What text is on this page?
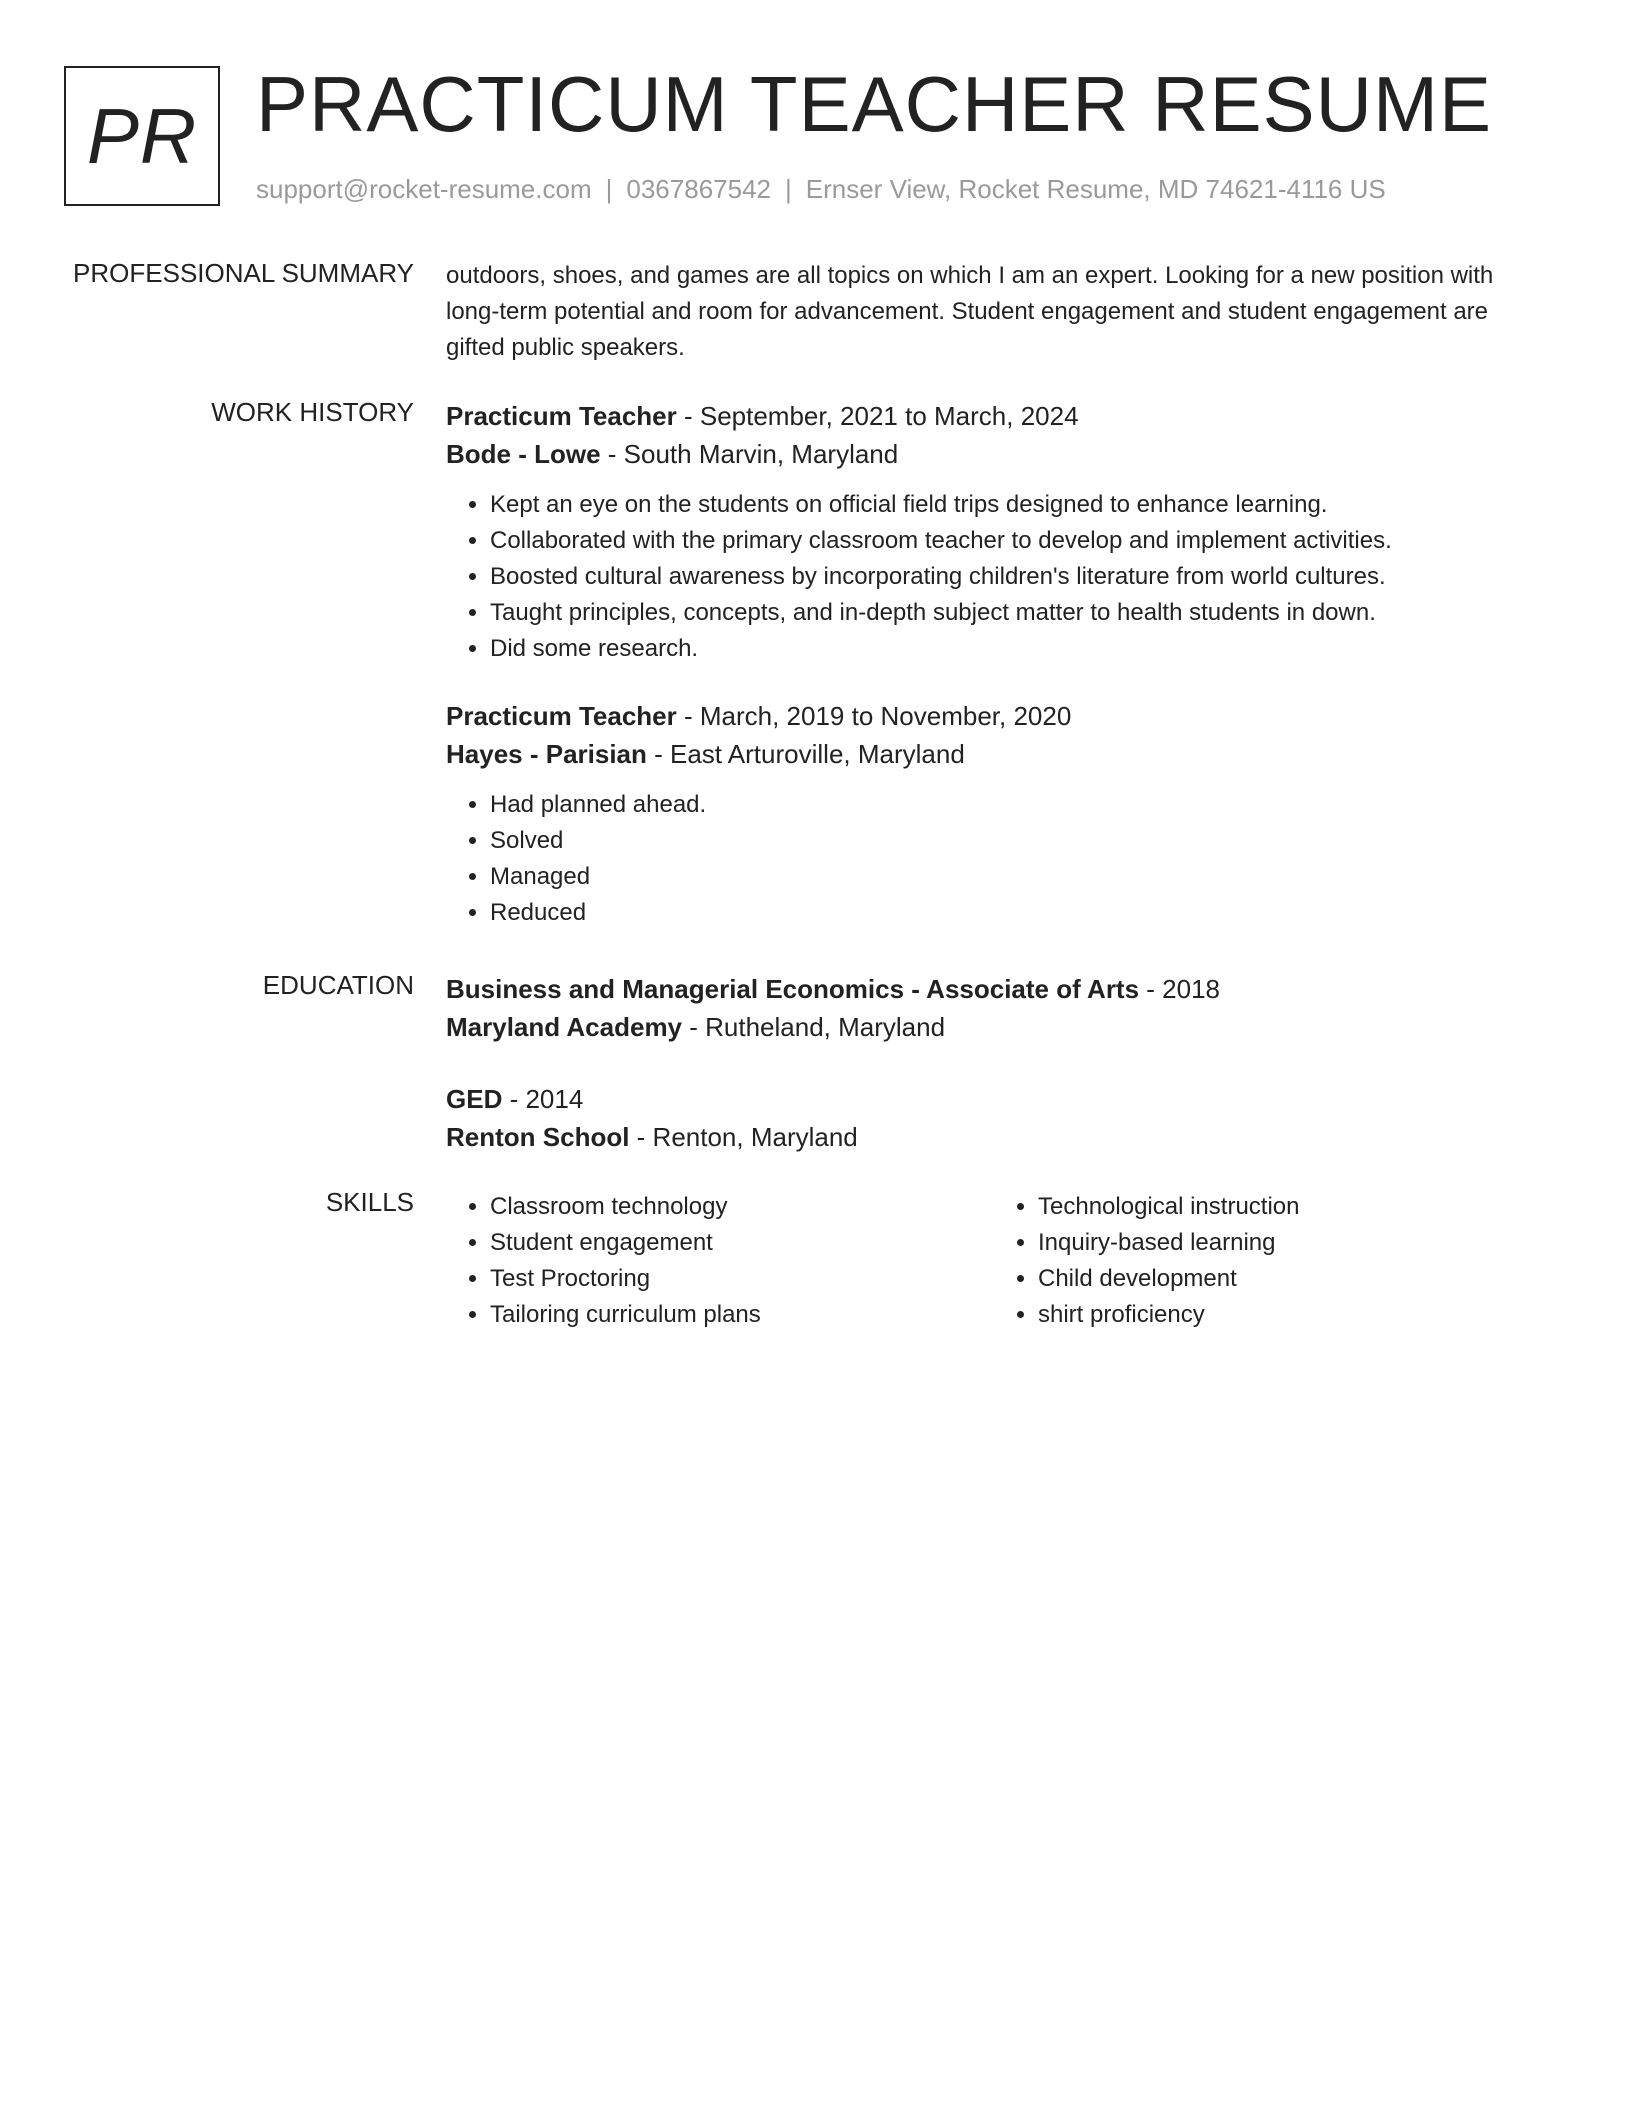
PR PRACTICUM TEACHER RESUME
support@rocket-resume.com | 0367867542 | Ernser View, Rocket Resume, MD 74621-4116 US
PROFESSIONAL SUMMARY outdoors, shoes, and games are all topics on which I am an expert. Looking for a new position with long-term potential and room for advancement. Student engagement and student engagement are gifted public speakers.

WORK HISTORY Practicum Teacher - September, 2021 to March, 2024

Bode - Lowe - South Marvin, Maryland

• Kept an eye on the students on official field trips designed to enhance learning.
• Collaborated with the primary classroom teacher to develop and implement activities.
• Boosted cultural awareness by incorporating children's literature from world cultures.
• Taught principles, concepts, and in-depth subject matter to health students in down.
• Did some research.

Practicum Teacher - March, 2019 to November, 2020

Hayes - Parisian - East Arturoville, Maryland

• Had planned ahead.
• Solved
• Managed
• Reduced
EDUCATION Business and Managerial Economics - Associate of Arts - 2018

Maryland Academy - Rutheland, Maryland

GED - 2014

Renton School - Renton, Maryland

SKILLS
•	Classroom technology
• Student engagement
• Test Proctoring
• Tailoring curriculum plans
• Technological instruction
• Inquiry-based learning
• Child development
• shirt proficiency
